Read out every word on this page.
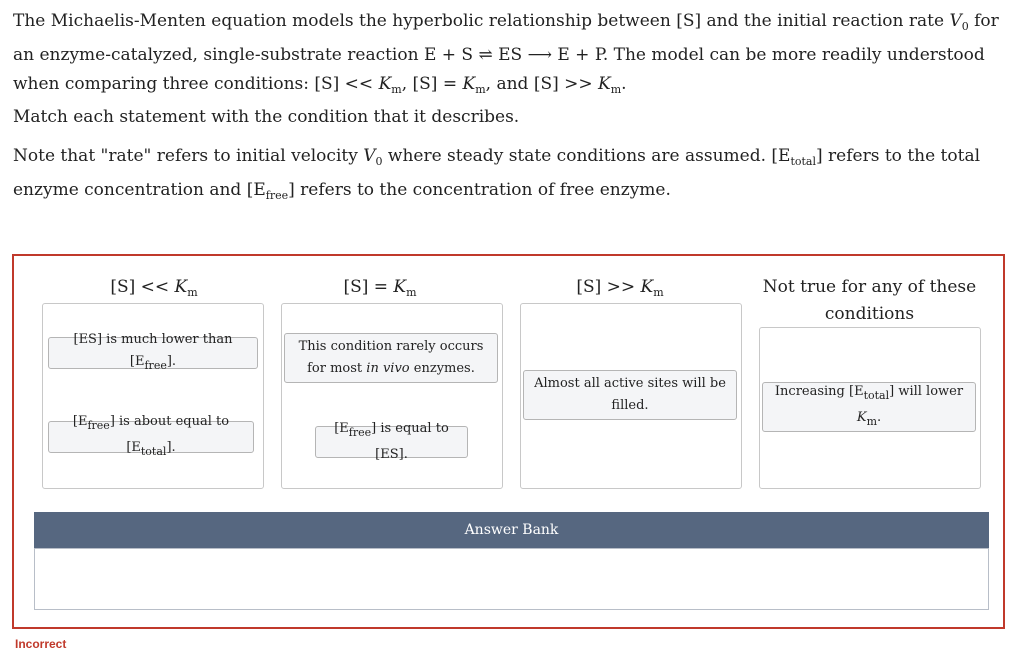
The Michaelis-Menten equation models the hyperbolic relationship between [S] and the initial reaction rate $V_0$ for an enzyme-catalyzed, single-substrate reaction E + S ⇌ ES ⟶ E + P. The model can be more readily understood when comparing three conditions: $[S] << K_m$, $[S] = K_m$, and $[S] >> K_m$.

Match each statement with the condition that it describes.

Note that "rate" refers to initial velocity $V_0$ where steady state conditions are assumed. $[E_{total}]$ refers to the total enzyme concentration and $[E_{free}]$ refers to the concentration of free enzyme.

$[S] << K_m$	$[S] = K_m$	$[S] >> K_m$	Not true for any of these conditions
[ES] is much lower than $[E_{free}]$.
$[E_{free}]$ is about equal to $[E_{total}]$.
This condition rarely occurs for most in vivo enzymes.
$[E_{free}]$ is equal to [ES].
Almost all active sites will be filled.
Increasing $[E_{total}]$ will lower $K_m$.
Answer Bank
Incorrect
